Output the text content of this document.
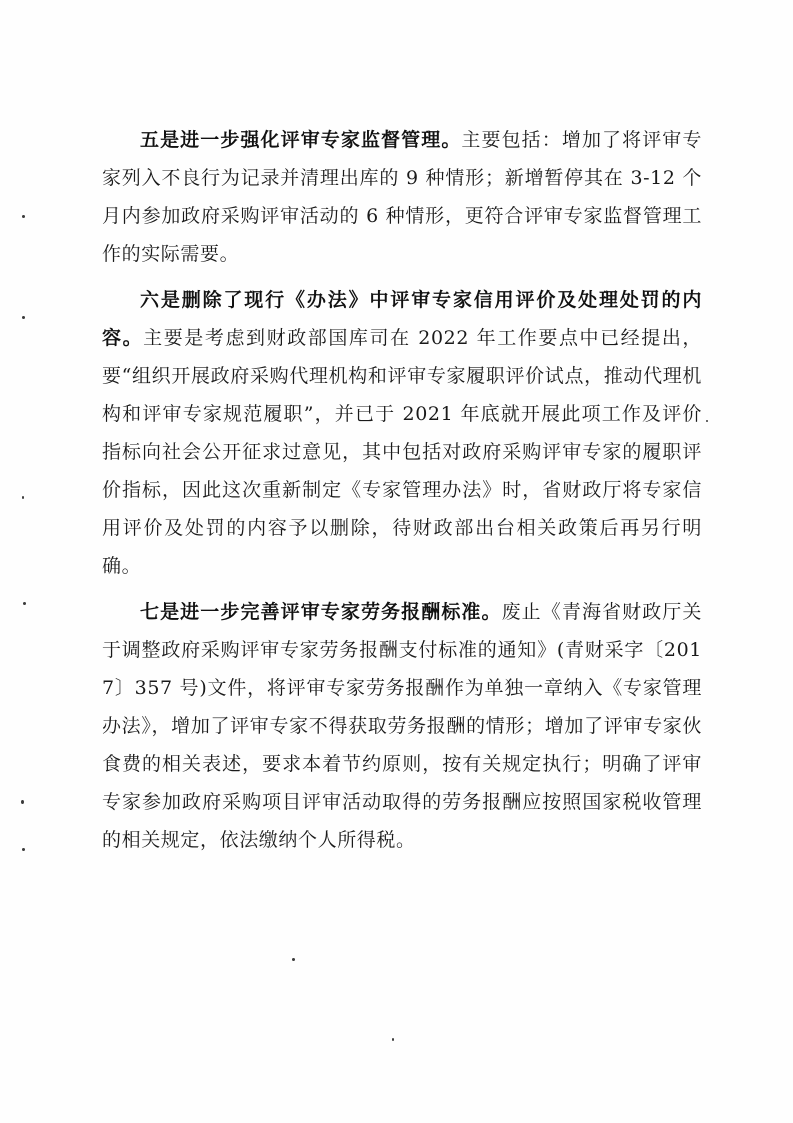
五是进一步强化评审专家监督管理。主要包括：增加了将评审专家列入不良行为记录并清理出库的 9 种情形；新增暂停其在 3-12 个月内参加政府采购评审活动的 6 种情形，更符合评审专家监督管理工作的实际需要。

六是删除了现行《办法》中评审专家信用评价及处理处罚的内容。主要是考虑到财政部国库司在 2022 年工作要点中已经提出，要“组织开展政府采购代理机构和评审专家履职评价试点，推动代理机构和评审专家规范履职”，并已于 2021 年底就开展此项工作及评价指标向社会公开征求过意见，其中包括对政府采购评审专家的履职评价指标，因此这次重新制定《专家管理办法》时，省财政厅将专家信用评价及处罚的内容予以删除，待财政部出台相关政策后再另行明确。

七是进一步完善评审专家劳务报酬标准。废止《青海省财政厅关于调整政府采购评审专家劳务报酬支付标准的通知》(青财采字〔2017〕357 号)文件，将评审专家劳务报酬作为单独一章纳入《专家管理办法》，增加了评审专家不得获取劳务报酬的情形；增加了评审专家伙食费的相关表述，要求本着节约原则，按有关规定执行；明确了评审专家参加政府采购项目评审活动取得的劳务报酬应按照国家税收管理的相关规定，依法缴纳个人所得税。
